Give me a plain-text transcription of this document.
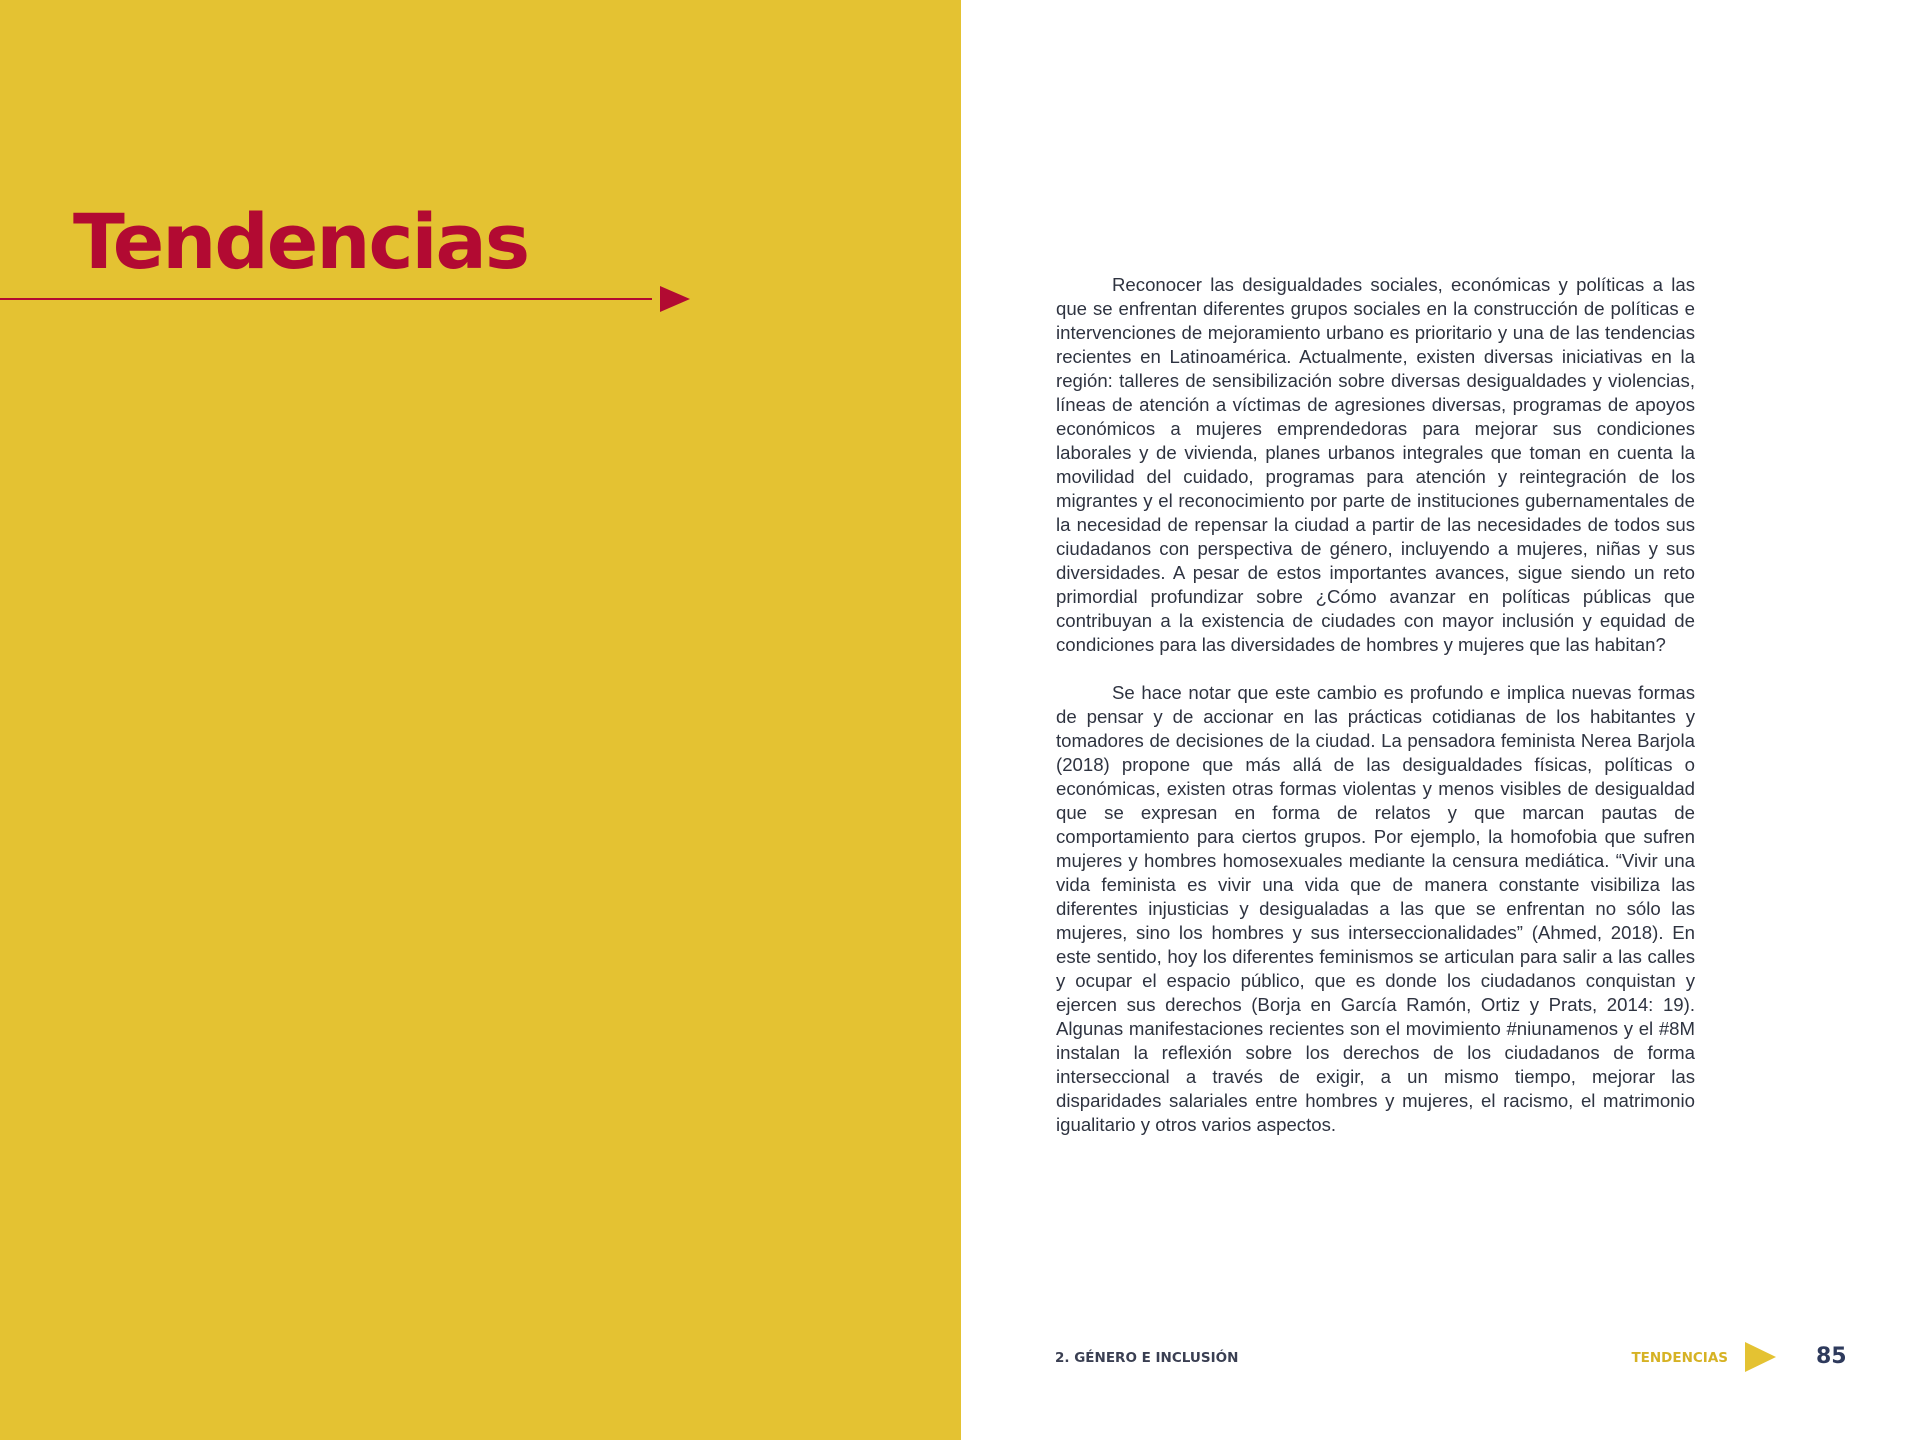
Tendencias	Reconocer las desigualdades sociales, económicas y políticas a las que se enfrentan diferentes grupos sociales en la construcción de políticas e intervenciones de mejoramiento urbano es prioritario y una de las tendencias recientes en Latinoamérica. Actualmente, existen diversas iniciativas en la región: talleres de sensibilización sobre diversas desigualdades y violencias, líneas de atención a víctimas de agresiones diversas, programas de apoyos económicos a mujeres emprendedoras para mejorar sus condiciones laborales y de vivienda, planes urbanos integrales que toman en cuenta la movilidad del cuidado, programas para atención y reintegración de los migrantes y el reconocimiento por parte de instituciones gubernamentales de la necesidad de repensar la ciudad a partir de las necesidades de todos sus ciudadanos con perspectiva de género, incluyendo a mujeres, niñas y sus diversidades. A pesar de estos importantes avances, sigue siendo un reto primordial profundizar sobre ¿Cómo avanzar en políticas públicas que contribuyan a la existencia de ciudades con mayor inclusión y equidad de condiciones para las diversidades de hombres y mujeres que las habitan?

Se hace notar que este cambio es profundo e implica nuevas formas de pensar y de accionar en las prácticas cotidianas de los habitantes y tomadores de decisiones de la ciudad. La pensadora feminista Nerea Barjola (2018) propone que más allá de las desigualdades físicas, políticas o económicas, existen otras formas violentas y menos visibles de desigualdad que se expresan en forma de relatos y que marcan pautas de comportamiento para ciertos grupos. Por ejemplo, la homofobia que sufren mujeres y hombres homosexuales mediante la censura mediática. “Vivir una vida feminista es vivir una vida que de manera constante visibiliza las diferentes injusticias y desigualadas a las que se enfrentan no sólo las mujeres, sino los hombres y sus interseccionalidades” (Ahmed, 2018). En este sentido, hoy los diferentes feminismos se articulan para salir a las calles y ocupar el espacio público, que es donde los ciudadanos conquistan y ejercen sus derechos (Borja en García Ramón, Ortiz y Prats, 2014: 19). Algunas manifestaciones recientes son el movimiento #niunamenos y el #8M instalan la reflexión sobre los derechos de los ciudadanos de forma interseccional a través de exigir, a un mismo tiempo, mejorar las disparidades salariales entre hombres y mujeres, el racismo, el matrimonio igualitario y otros varios aspectos.

2. GÉNERO E INCLUSIÓN	TENDENCIAS	85
